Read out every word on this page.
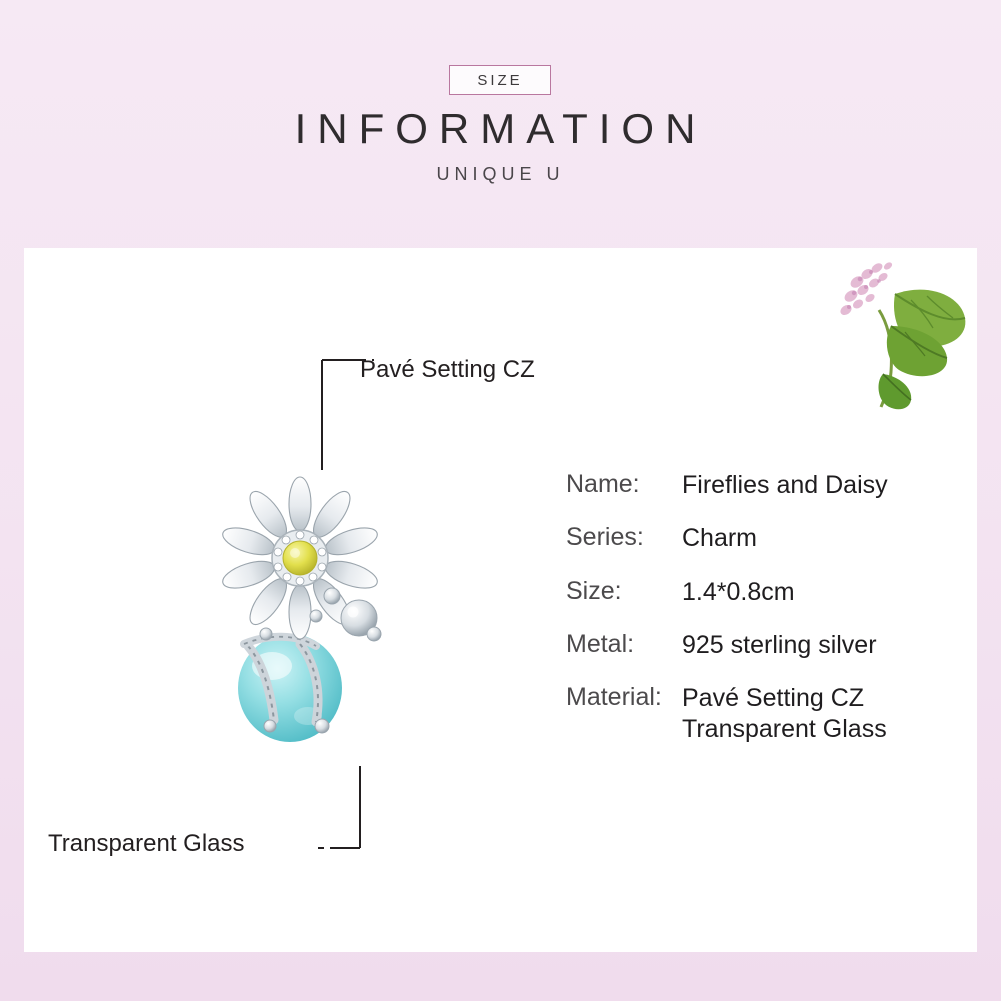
SIZE
INFORMATION
UNIQUE U
Pavé Setting CZ
Transparent Glass
Name:	Fireflies and Daisy
Series:	Charm
Size:	1.4*0.8cm
Metal:	925 sterling silver
Material: Pavé Setting CZ
Transparent Glass
